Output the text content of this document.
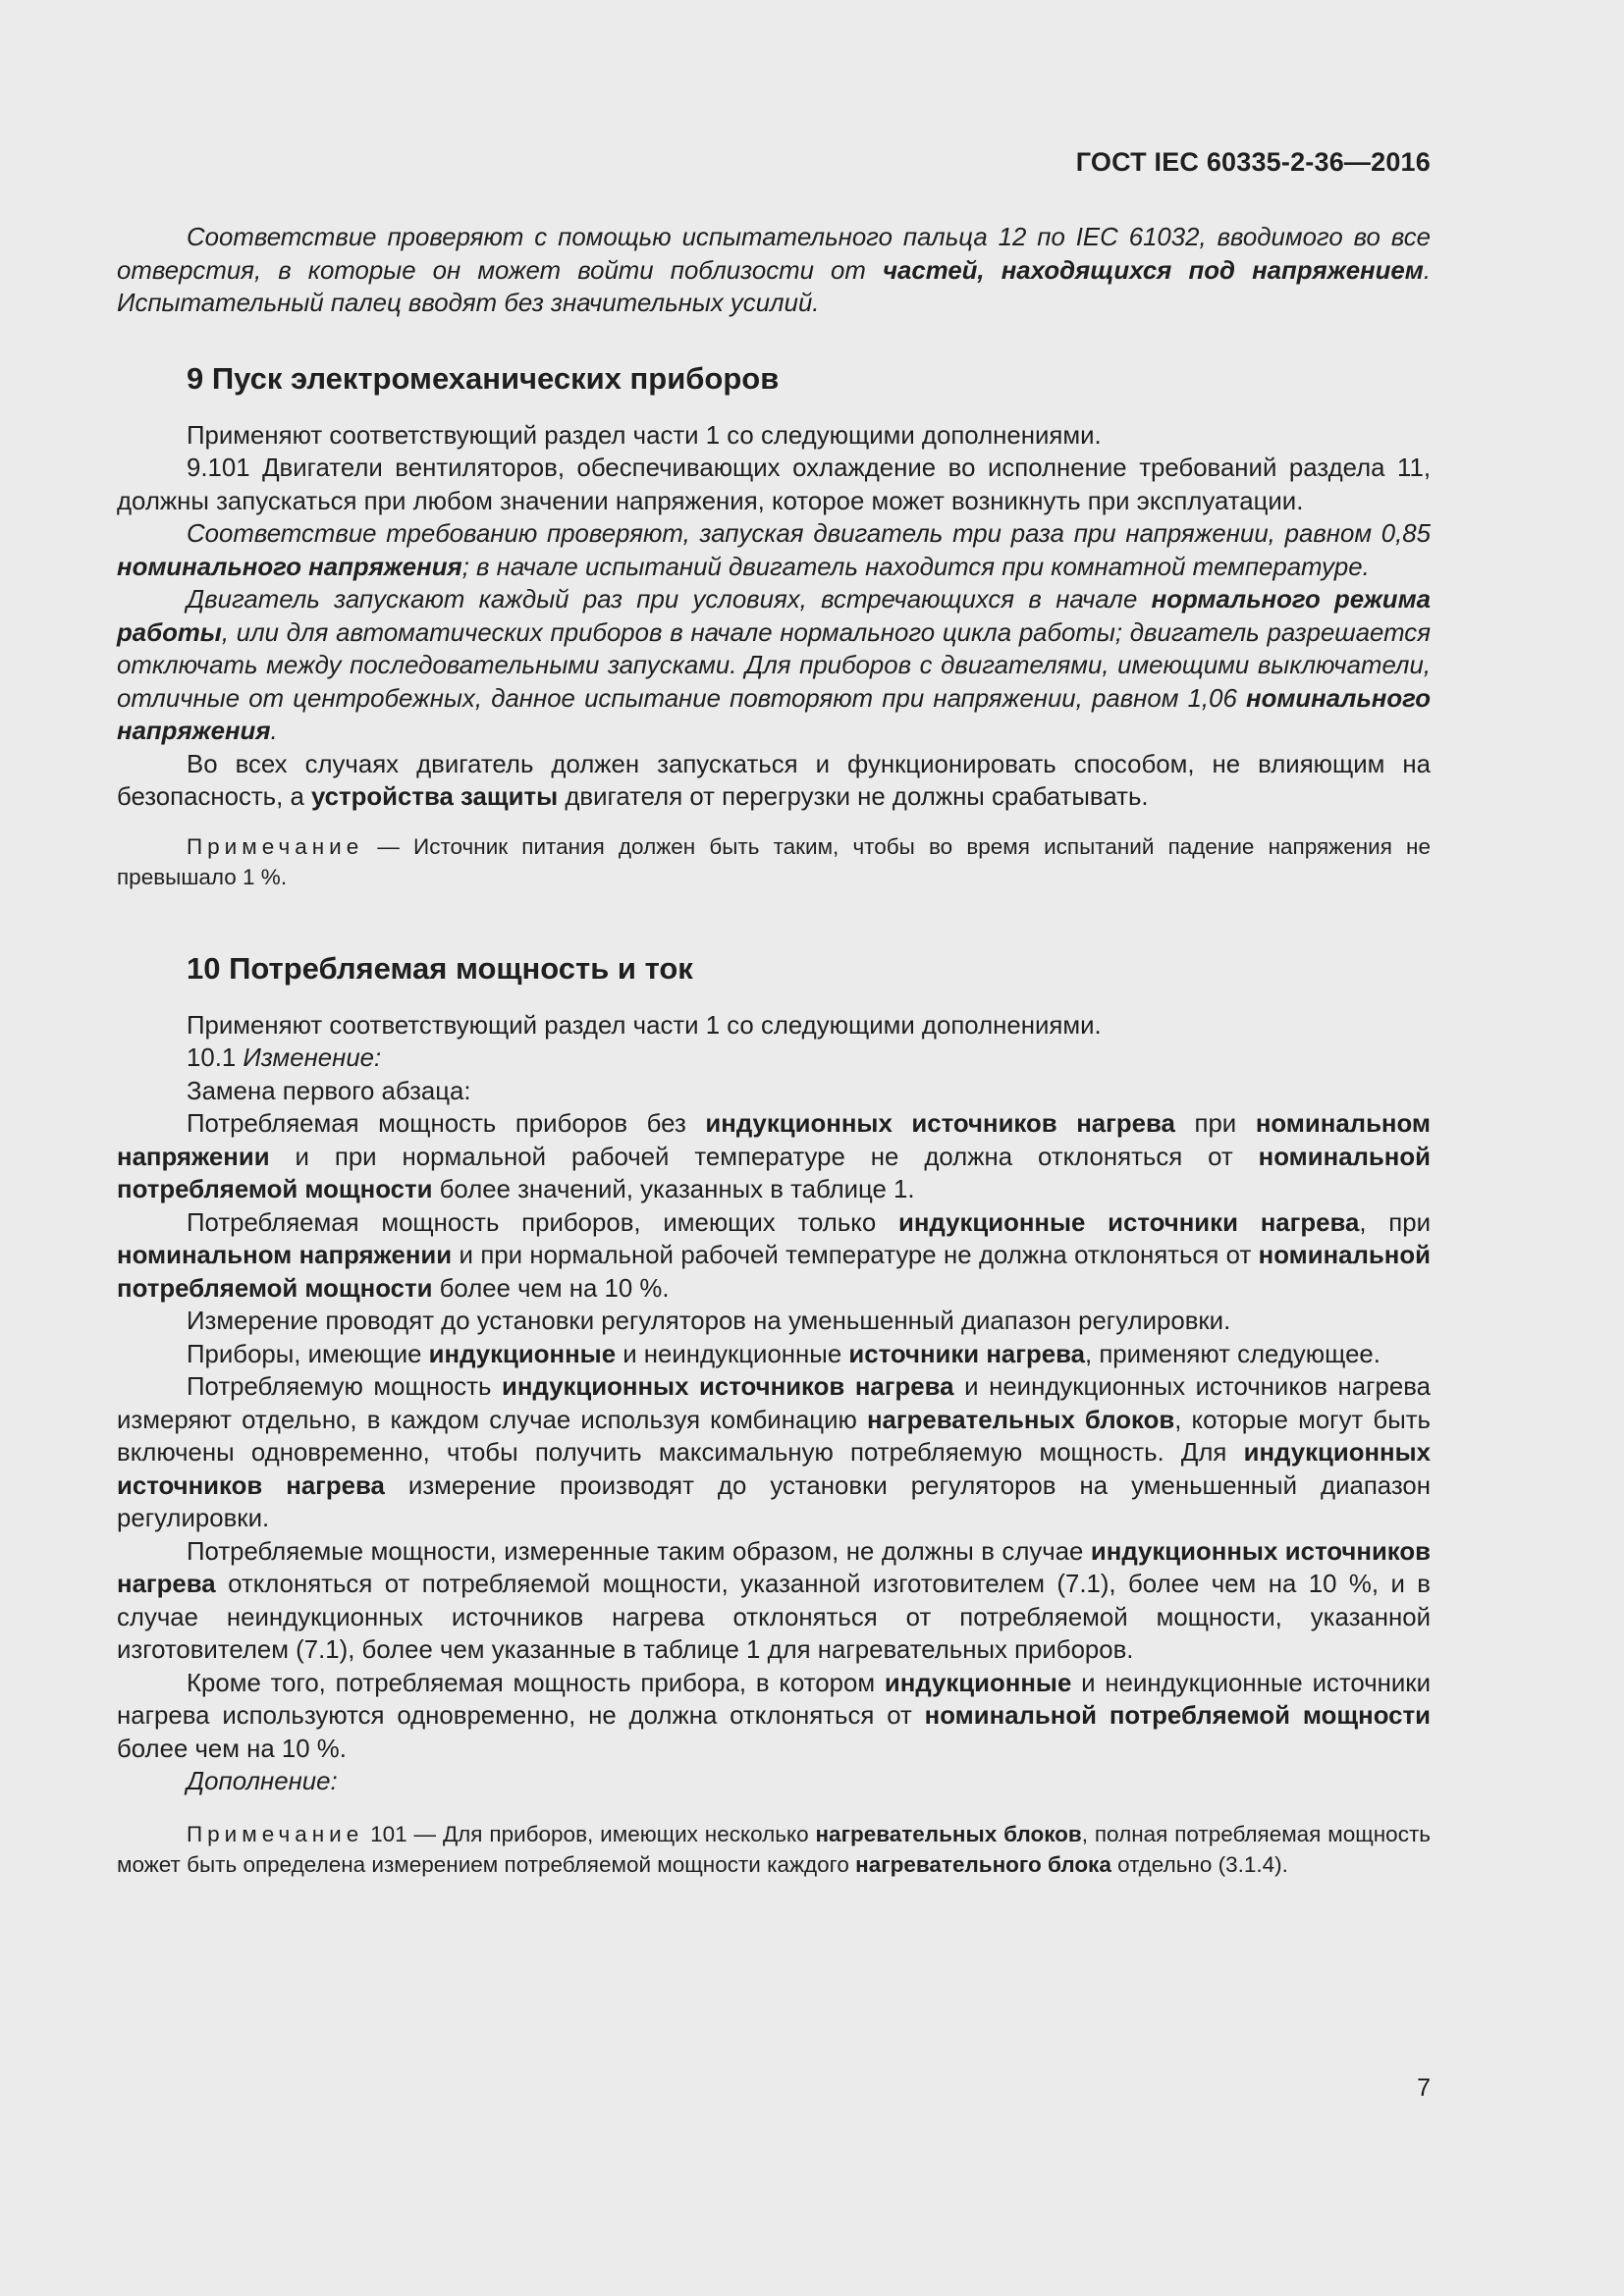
ГОСТ IEC 60335-2-36—2016

Соответствие проверяют с помощью испытательного пальца 12 по IEC 61032, вводимого во все отверстия, в которые он может войти поблизости от частей, находящихся под напряжением. Испытательный палец вводят без значительных усилий.

9 Пуск электромеханических приборов

Применяют соответствующий раздел части 1 со следующими дополнениями.

9.101 Двигатели вентиляторов, обеспечивающих охлаждение во исполнение требований раздела 11, должны запускаться при любом значении напряжения, которое может возникнуть при эксплуатации.

Соответствие требованию проверяют, запуская двигатель три раза при напряжении, равном 0,85 номинального напряжения; в начале испытаний двигатель находится при комнатной температуре.

Двигатель запускают каждый раз при условиях, встречающихся в начале нормального режима работы, или для автоматических приборов в начале нормального цикла работы; двигатель разрешается отключать между последовательными запусками. Для приборов с двигателями, имеющими выключатели, отличные от центробежных, данное испытание повторяют при напряжении, равном 1,06 номинального напряжения.

Во всех случаях двигатель должен запускаться и функционировать способом, не влияющим на безопасность, а устройства защиты двигателя от перегрузки не должны срабатывать.

Примечание — Источник питания должен быть таким, чтобы во время испытаний падение напряжения не превышало 1 %.

10 Потребляемая мощность и ток

Применяют соответствующий раздел части 1 со следующими дополнениями.

10.1 Изменение:

Замена первого абзаца:

Потребляемая мощность приборов без индукционных источников нагрева при номинальном напряжении и при нормальной рабочей температуре не должна отклоняться от номинальной потребляемой мощности более значений, указанных в таблице 1.

Потребляемая мощность приборов, имеющих только индукционные источники нагрева, при номинальном напряжении и при нормальной рабочей температуре не должна отклоняться от номинальной потребляемой мощности более чем на 10 %.

Измерение проводят до установки регуляторов на уменьшенный диапазон регулировки.

Приборы, имеющие индукционные и неиндукционные источники нагрева, применяют следующее.

Потребляемую мощность индукционных источников нагрева и неиндукционных источников нагрева измеряют отдельно, в каждом случае используя комбинацию нагревательных блоков, которые могут быть включены одновременно, чтобы получить максимальную потребляемую мощность. Для индукционных источников нагрева измерение производят до установки регуляторов на уменьшенный диапазон регулировки.

Потребляемые мощности, измеренные таким образом, не должны в случае индукционных источников нагрева отклоняться от потребляемой мощности, указанной изготовителем (7.1), более чем на 10 %, и в случае неиндукционных источников нагрева отклоняться от потребляемой мощности, указанной изготовителем (7.1), более чем указанные в таблице 1 для нагревательных приборов.

Кроме того, потребляемая мощность прибора, в котором индукционные и неиндукционные источники нагрева используются одновременно, не должна отклоняться от номинальной потребляемой мощности более чем на 10 %.

Дополнение:

Примечание 101 — Для приборов, имеющих несколько нагревательных блоков, полная потребляемая мощность может быть определена измерением потребляемой мощности каждого нагревательного блока отдельно (3.1.4).

7
